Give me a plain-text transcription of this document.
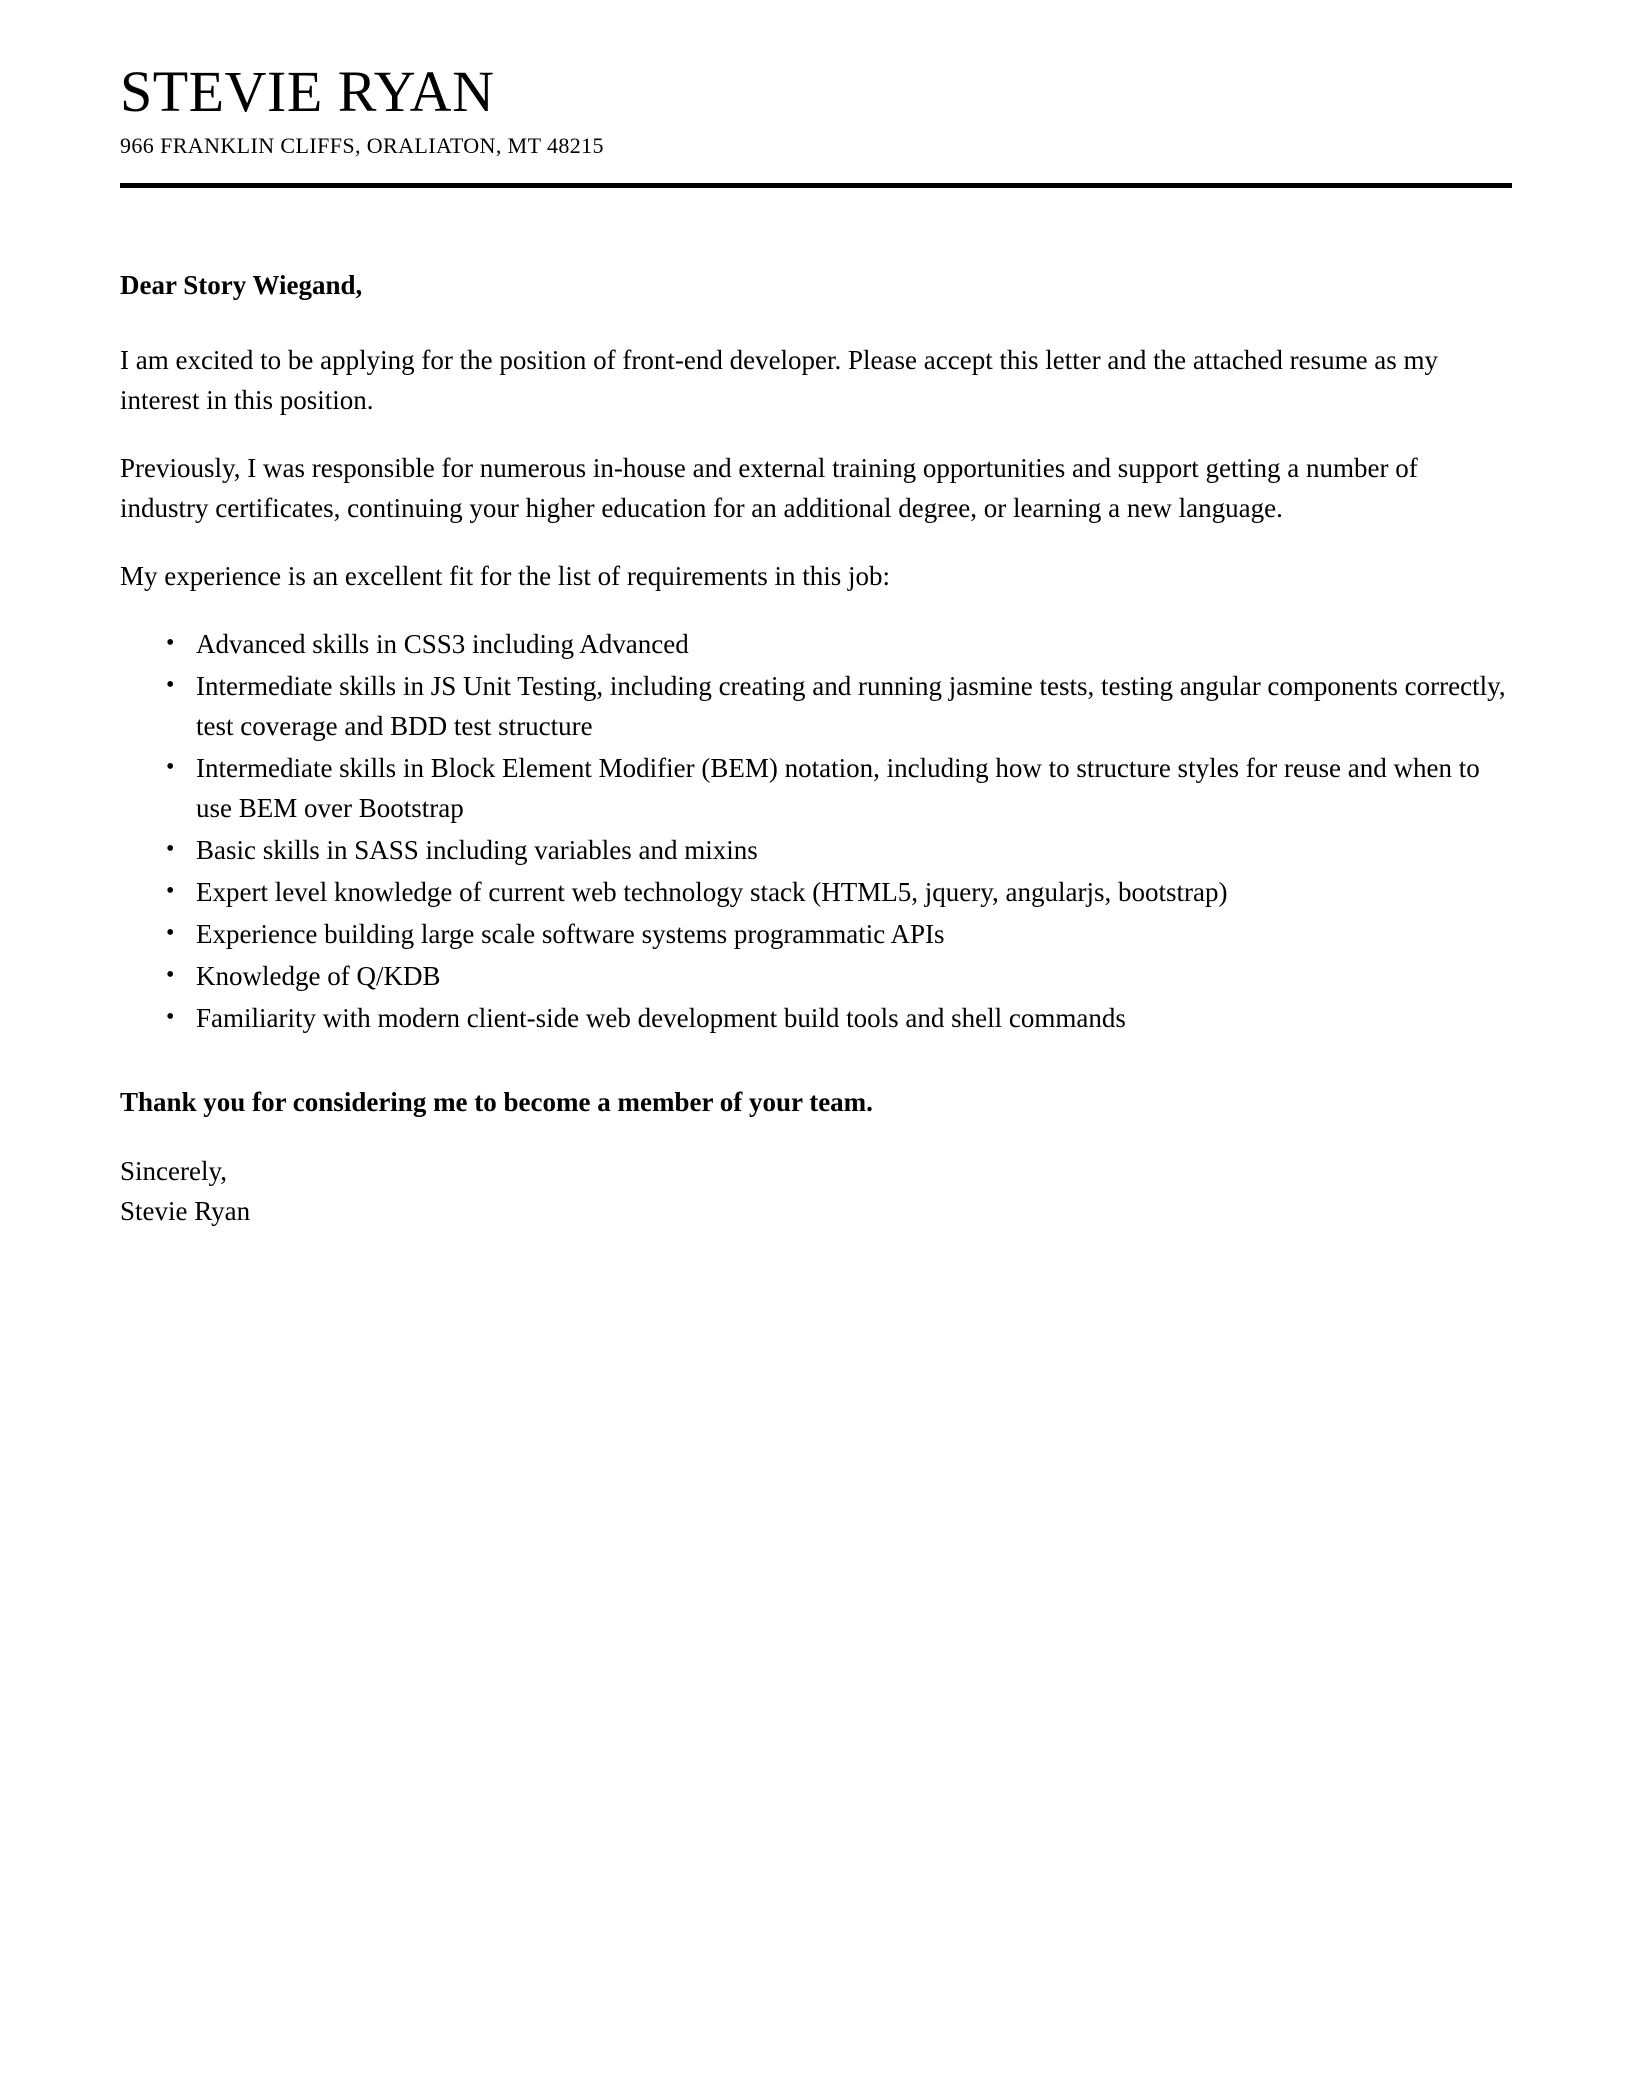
STEVIE RYAN
966 FRANKLIN CLIFFS, ORALIATON, MT 48215
Dear Story Wiegand,

I am excited to be applying for the position of front-end developer. Please accept this letter and the attached resume as my interest in this position.

Previously, I was responsible for numerous in-house and external training opportunities and support getting a number of industry certificates, continuing your higher education for an additional degree, or learning a new language.

My experience is an excellent fit for the list of requirements in this job:

• Advanced skills in CSS3 including Advanced
• Intermediate skills in JS Unit Testing, including creating and running jasmine tests, testing angular components correctly, test coverage and BDD test structure
• Intermediate skills in Block Element Modifier (BEM) notation, including how to structure styles for reuse and when to use BEM over Bootstrap
• Basic skills in SASS including variables and mixins
• Expert level knowledge of current web technology stack (HTML5, jquery, angularjs, bootstrap)
• Experience building large scale software systems programmatic APIs
• Knowledge of Q/KDB
• Familiarity with modern client-side web development build tools and shell commands
Thank you for considering me to become a member of your team.
Sincerely,
Stevie Ryan
